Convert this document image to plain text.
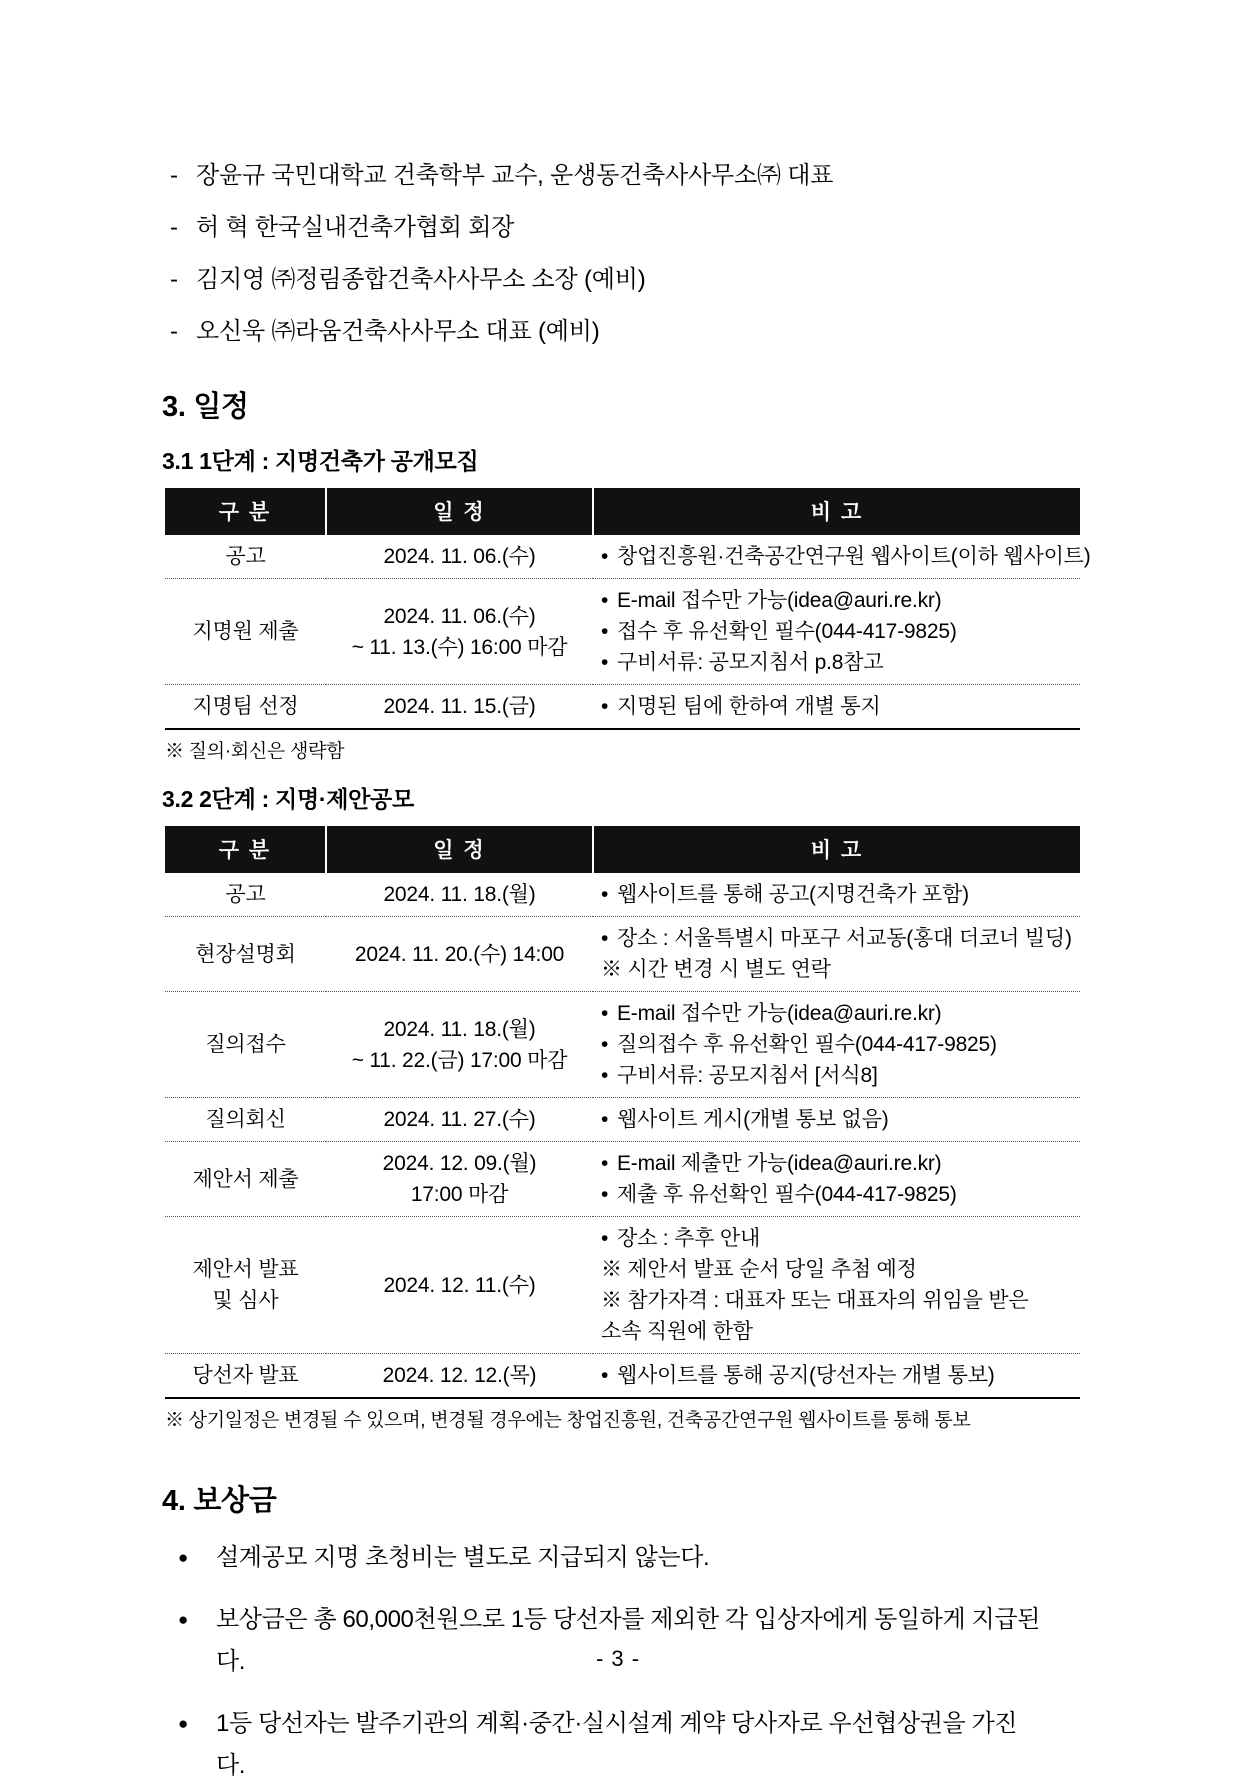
- 장윤규 국민대학교 건축학부 교수, 운생동건축사사무소㈜ 대표
- 허 혁 한국실내건축가협회 회장
- 김지영 ㈜정림종합건축사사무소 소장 (예비)
- 오신욱 ㈜라움건축사사무소 대표 (예비)
3. 일정
3.1 1단계 : 지명건축가 공개모집
구 분	일 정	비 고
공고	2024. 11. 06.(수)	• 창업진흥원·건축공간연구원 웹사이트(이하 웹사이트)

지명원 제출	2024. 11. 06.(수)
~ 11. 13.(수) 16:00 마감	• E-mail 접수만 가능(idea@auri.re.kr)
• 접수 후 유선확인 필수(044-417-9825)
• 구비서류: 공모지침서 p.8참고

지명팀 선정	2024. 11. 15.(금)	• 지명된 팀에 한하여 개별 통지
※ 질의·회신은 생략함
3.2 2단계 : 지명·제안공모
구 분	일 정	비 고
공고	2024. 11. 18.(월)	• 웹사이트를 통해 공고(지명건축가 포함)

현장설명회	2024. 11. 20.(수) 14:00	• 장소 : 서울특별시 마포구 서교동(홍대 더코너 빌딩)
※ 시간 변경 시 별도 연락

질의접수	2024. 11. 18.(월)
~ 11. 22.(금) 17:00 마감	• E-mail 접수만 가능(idea@auri.re.kr)
• 질의접수 후 유선확인 필수(044-417-9825)
• 구비서류: 공모지침서 [서식8]

질의회신	2024. 11. 27.(수)	• 웹사이트 게시(개별 통보 없음)

제안서 제출	2024. 12. 09.(월)
17:00 마감	• E-mail 제출만 가능(idea@auri.re.kr)
• 제출 후 유선확인 필수(044-417-9825)

제안서 발표
및 심사	2024. 12. 11.(수)	• 장소 : 추후 안내
※ 제안서 발표 순서 당일 추첨 예정
※ 참가자격 : 대표자 또는 대표자의 위임을 받은
소속 직원에 한함

당선자 발표	2024. 12. 12.(목)	• 웹사이트를 통해 공지(당선자는 개별 통보)
※ 상기일정은 변경될 수 있으며, 변경될 경우에는 창업진흥원, 건축공간연구원 웹사이트를 통해 통보
4. 보상금
● 설계공모 지명 초청비는 별도로 지급되지 않는다.
● 보상금은 총 60,000천원으로 1등 당선자를 제외한 각 입상자에게 동일하게 지급된다.
● 1등 당선자는 발주기관의 계획·중간·실시설계 계약 당사자로 우선협상권을 가진다.
- 3 -
